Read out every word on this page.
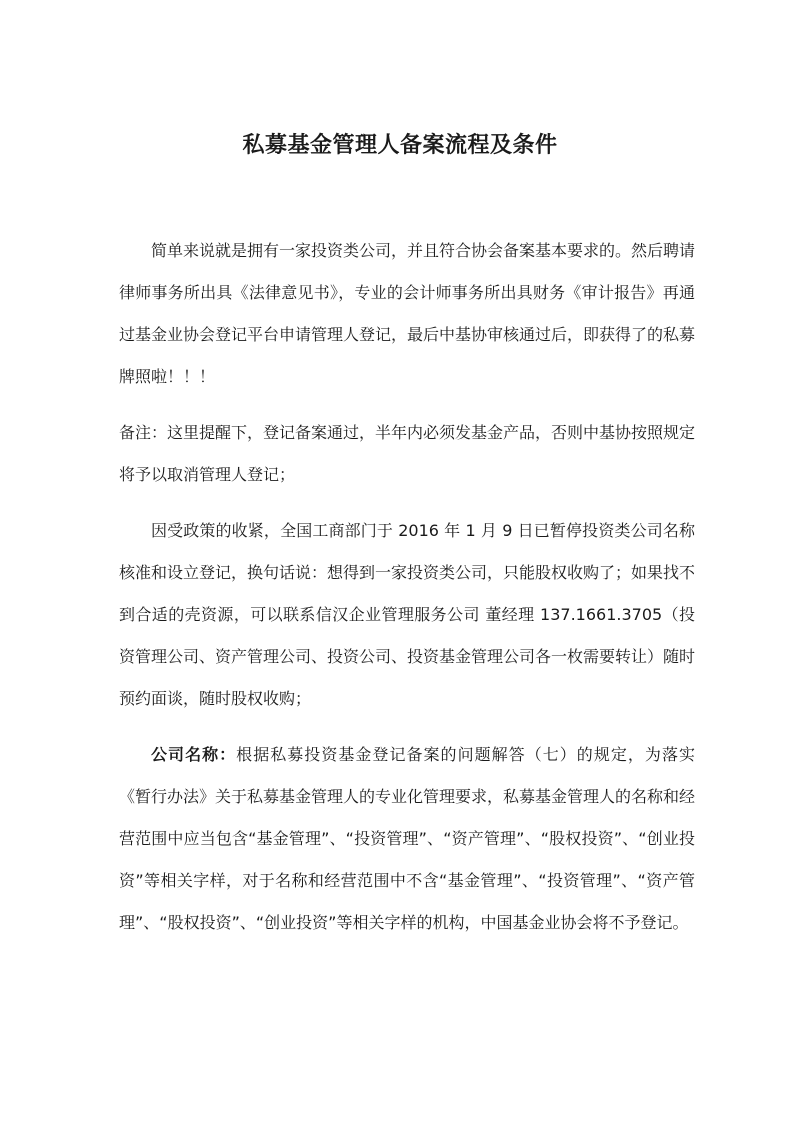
私募基金管理人备案流程及条件

简单来说就是拥有一家投资类公司，并且符合协会备案基本要求的。然后聘请律师事务所出具《法律意见书》，专业的会计师事务所出具财务《审计报告》再通过基金业协会登记平台申请管理人登记，最后中基协审核通过后，即获得了的私募牌照啦！！！

备注：这里提醒下，登记备案通过，半年内必须发基金产品，否则中基协按照规定将予以取消管理人登记；

因受政策的收紧，全国工商部门于 2016 年 1 月 9 日已暂停投资类公司名称核准和设立登记，换句话说：想得到一家投资类公司，只能股权收购了；如果找不到合适的壳资源，可以联系信汉企业管理服务公司 董经理 137.1661.3705（投资管理公司、资产管理公司、投资公司、投资基金管理公司各一枚需要转让）随时预约面谈，随时股权收购；

公司名称：根据私募投资基金登记备案的问题解答（七）的规定，为落实《暂行办法》关于私募基金管理人的专业化管理要求，私募基金管理人的名称和经营范围中应当包含“基金管理”、“投资管理”、“资产管理”、“股权投资”、“创业投资”等相关字样，对于名称和经营范围中不含“基金管理”、“投资管理”、“资产管理”、“股权投资”、“创业投资”等相关字样的机构，中国基金业协会将不予登记。
